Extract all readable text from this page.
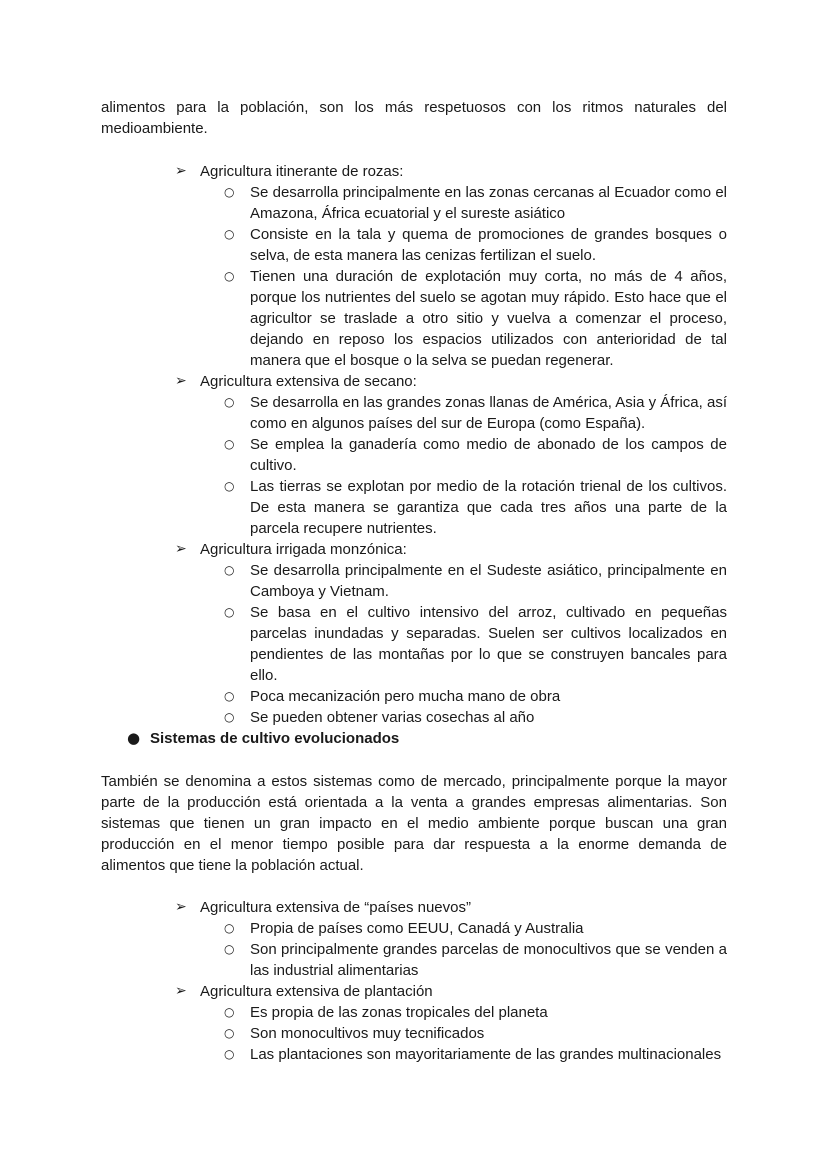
alimentos para la población, son los más respetuosos con los ritmos naturales del medioambiente.

➢ Agricultura itinerante de rozas:
○ Se desarrolla principalmente en las zonas cercanas al Ecuador como el Amazona, África ecuatorial y el sureste asiático
○ Consiste en la tala y quema de promociones de grandes bosques o selva, de esta manera las cenizas fertilizan el suelo.
○ Tienen una duración de explotación muy corta, no más de 4 años, porque los nutrientes del suelo se agotan muy rápido. Esto hace que el agricultor se traslade a otro sitio y vuelva a comenzar el proceso, dejando en reposo los espacios utilizados con anterioridad de tal manera que el bosque o la selva se puedan regenerar.
➢ Agricultura extensiva de secano:
○ Se desarrolla en las grandes zonas llanas de América, Asia y África, así como en algunos países del sur de Europa (como España).
○ Se emplea la ganadería como medio de abonado de los campos de cultivo.
○ Las tierras se explotan por medio de la rotación trienal de los cultivos. De esta manera se garantiza que cada tres años una parte de la parcela recupere nutrientes.
➢ Agricultura irrigada monzónica:
○ Se desarrolla principalmente en el Sudeste asiático, principalmente en Camboya y Vietnam.
○ Se basa en el cultivo intensivo del arroz, cultivado en pequeñas parcelas inundadas y separadas. Suelen ser cultivos localizados en pendientes de las montañas por lo que se construyen bancales para ello.
○ Poca mecanización pero mucha mano de obra
○ Se pueden obtener varias cosechas al año
● Sistemas de cultivo evolucionados

También se denomina a estos sistemas como de mercado, principalmente porque la mayor parte de la producción está orientada a la venta a grandes empresas alimentarias. Son sistemas que tienen un gran impacto en el medio ambiente porque buscan una gran producción en el menor tiempo posible para dar respuesta a la enorme demanda de alimentos que tiene la población actual.

➢ Agricultura extensiva de “países nuevos”
○ Propia de países como EEUU, Canadá y Australia
○ Son principalmente grandes parcelas de monocultivos que se venden a las industrial alimentarias
➢ Agricultura extensiva de plantación
○ Es propia de las zonas tropicales del planeta
○ Son monocultivos muy tecnificados
○ Las plantaciones son mayoritariamente de las grandes multinacionales
